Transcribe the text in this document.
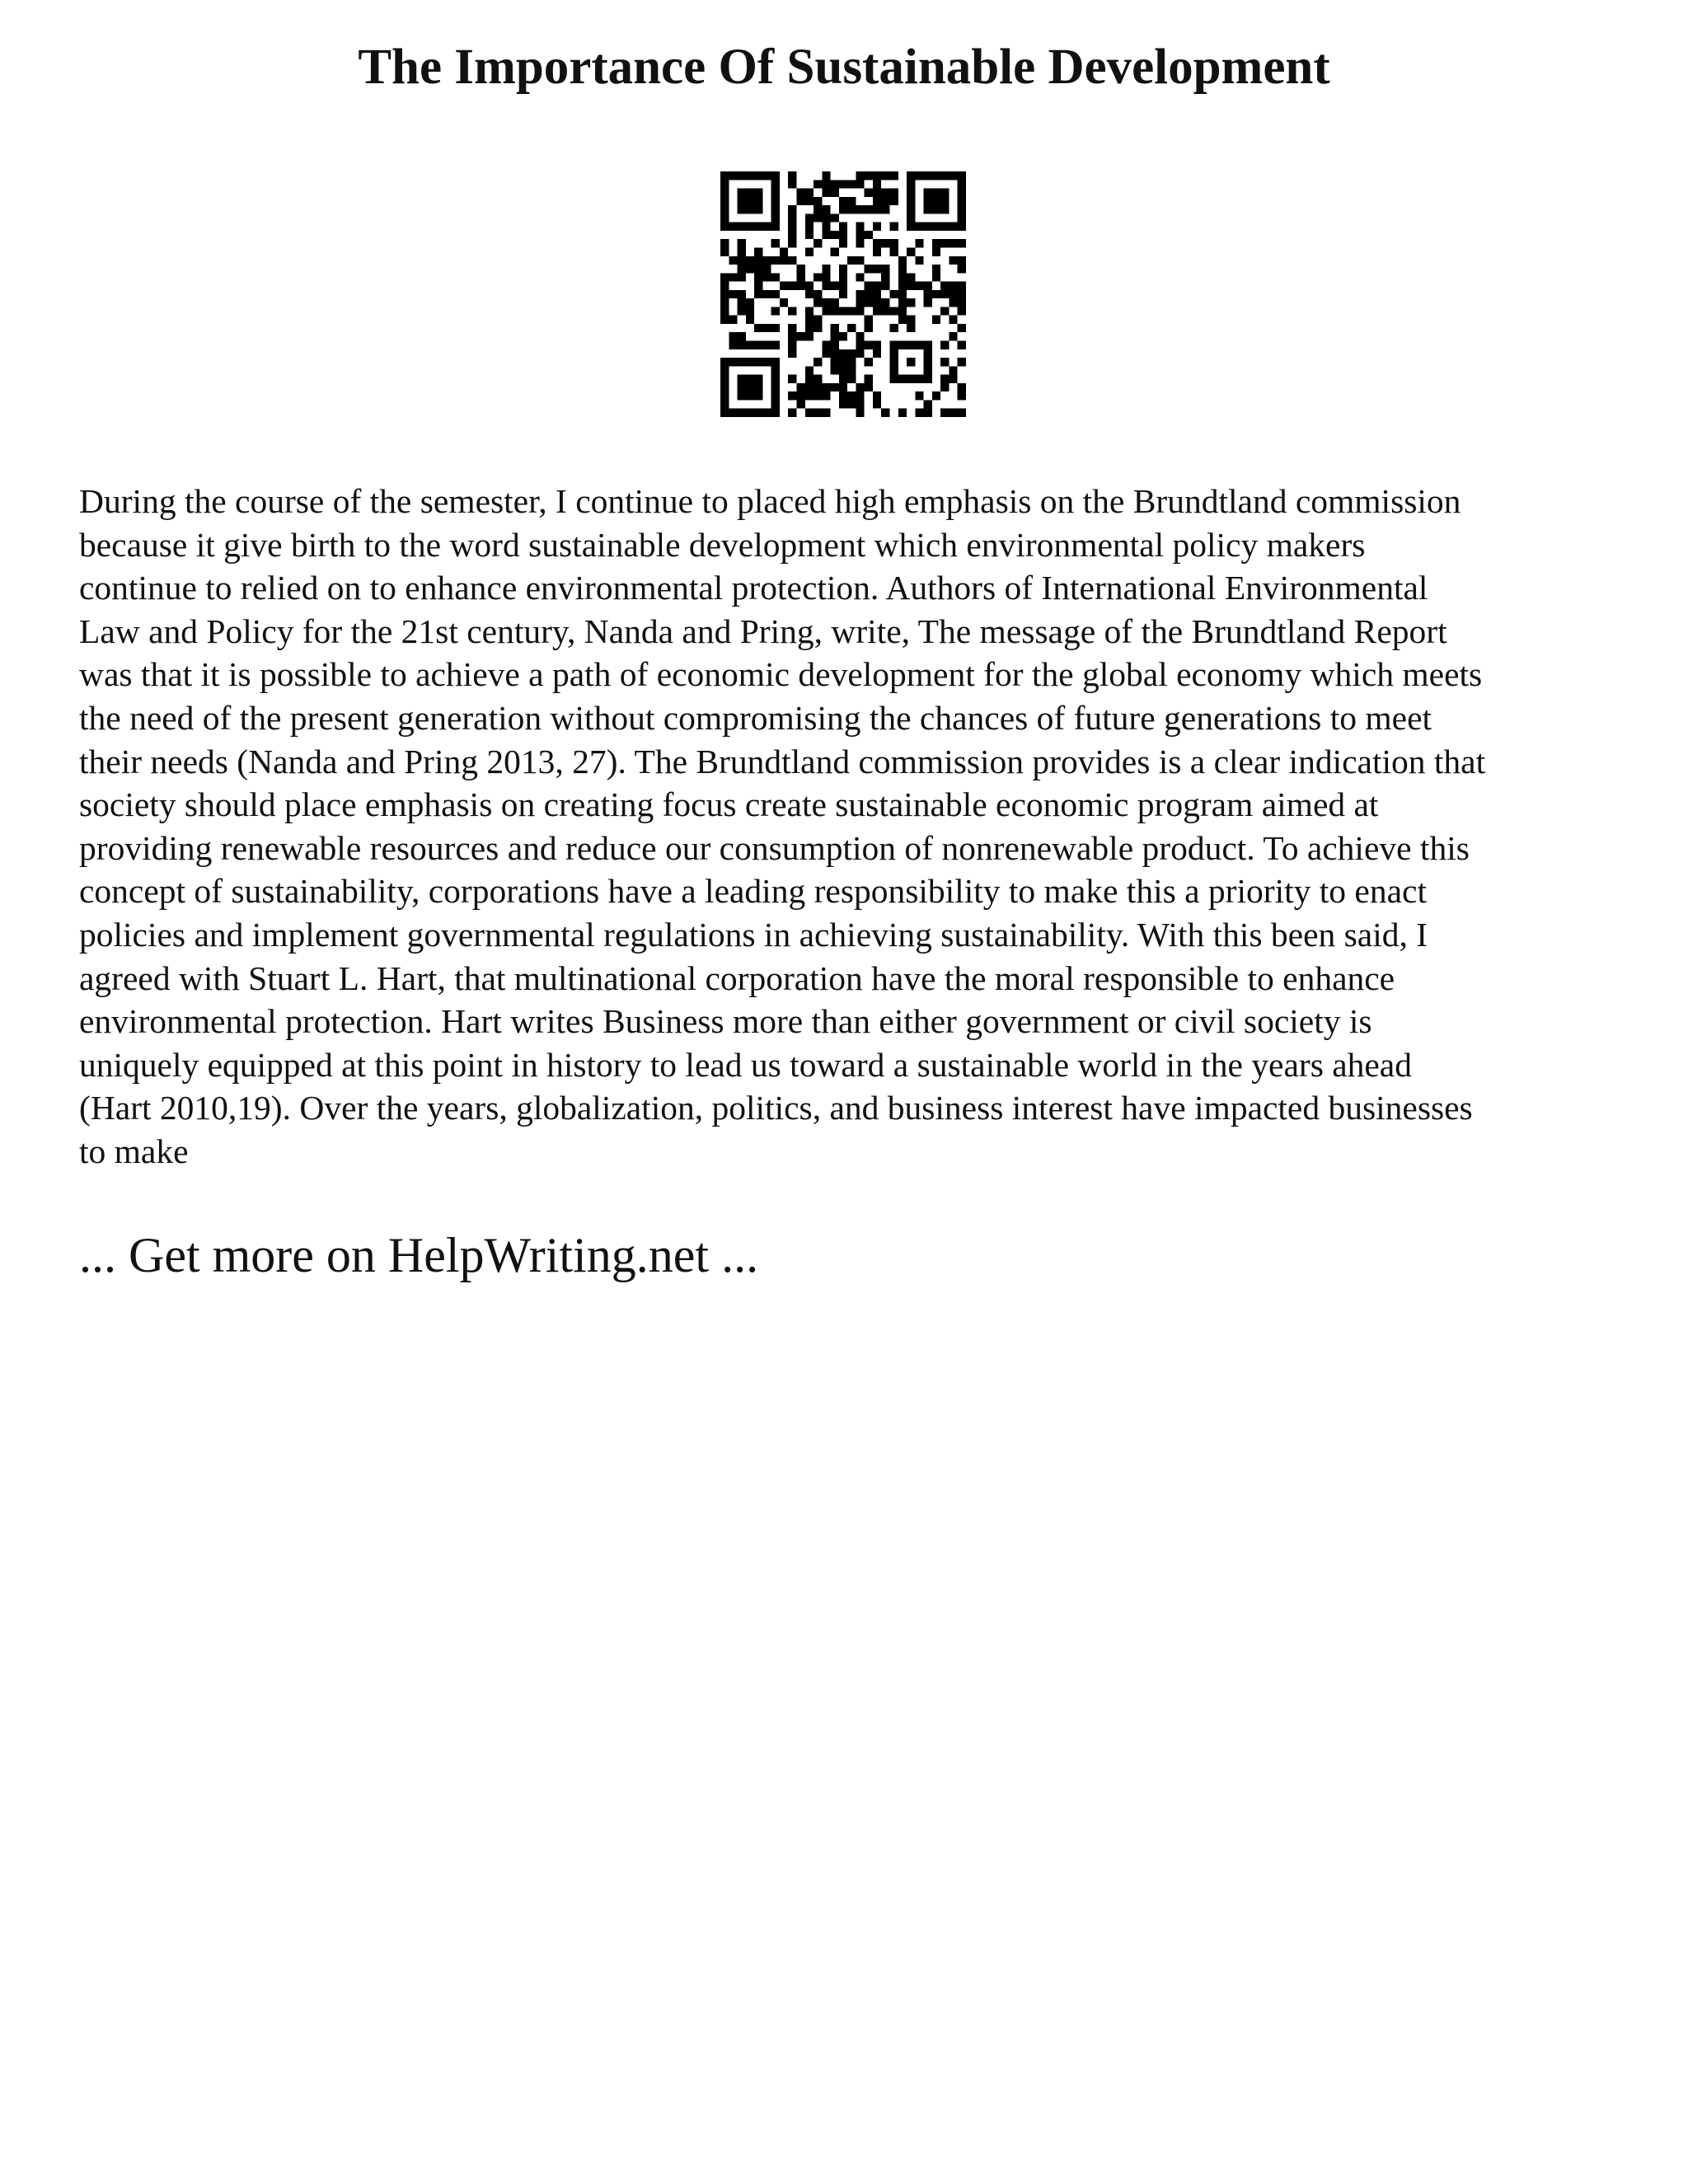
The Importance Of Sustainable Development

During the course of the semester, I continue to placed high emphasis on the Brundtland commission
because it give birth to the word sustainable development which environmental policy makers
continue to relied on to enhance environmental protection. Authors of International Environmental
Law and Policy for the 21st century, Nanda and Pring, write, The message of the Brundtland Report
was that it is possible to achieve a path of economic development for the global economy which meets
the need of the present generation without compromising the chances of future generations to meet
their needs (Nanda and Pring 2013, 27). The Brundtland commission provides is a clear indication that
society should place emphasis on creating focus create sustainable economic program aimed at
providing renewable resources and reduce our consumption of nonrenewable product. To achieve this
concept of sustainability, corporations have a leading responsibility to make this a priority to enact
policies and implement governmental regulations in achieving sustainability. With this been said, I
agreed with Stuart L. Hart, that multinational corporation have the moral responsible to enhance
environmental protection. Hart writes Business more than either government or civil society is
uniquely equipped at this point in history to lead us toward a sustainable world in the years ahead
(Hart 2010,19). Over the years, globalization, politics, and business interest have impacted businesses
to make

... Get more on HelpWriting.net ...
